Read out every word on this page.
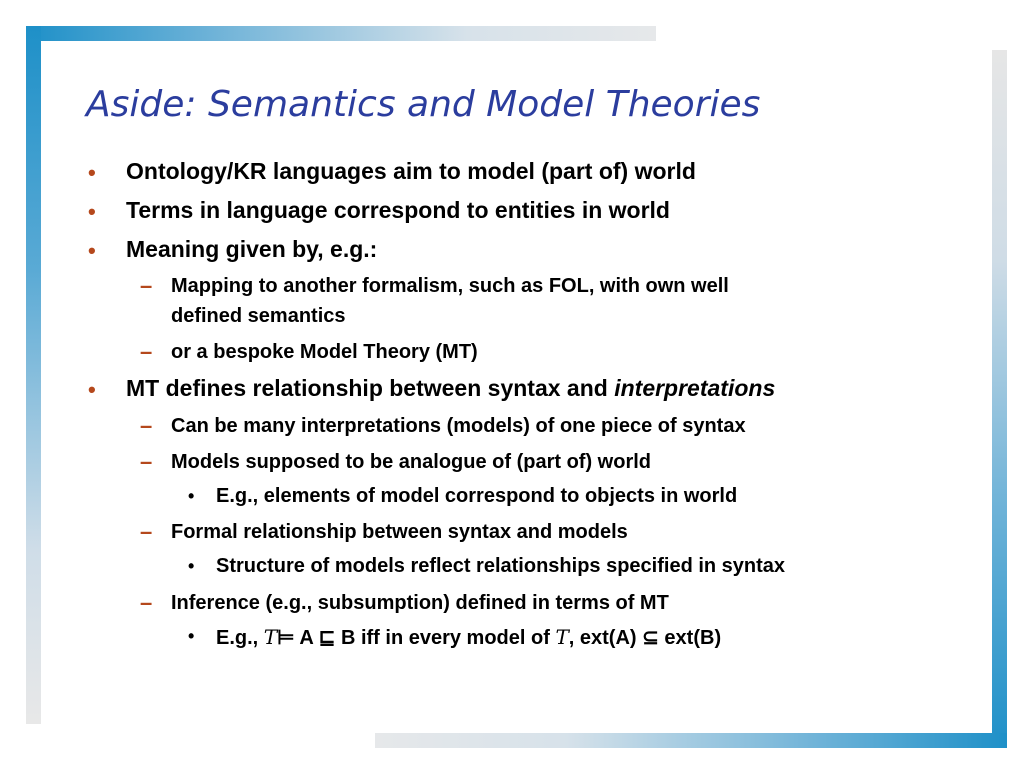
Aside: Semantics and Model Theories
• Ontology/KR languages aim to model (part of) world
• Terms in language correspond to entities in world
• Meaning given by, e.g.:
– Mapping to another formalism, such as FOL, with own well
defined semantics
– or a bespoke Model Theory (MT)
• MT defines relationship between syntax and interpretations
– Can be many interpretations (models) of one piece of syntax
– Models supposed to be analogue of (part of) world
• E.g., elements of model correspond to objects in world
– Formal relationship between syntax and models
• Structure of models reflect relationships specified in syntax
– Inference (e.g., subsumption) defined in terms of MT
• E.g., T⊨ A ⊑ B iff in every model of T, ext(A) ⊆ ext(B)
